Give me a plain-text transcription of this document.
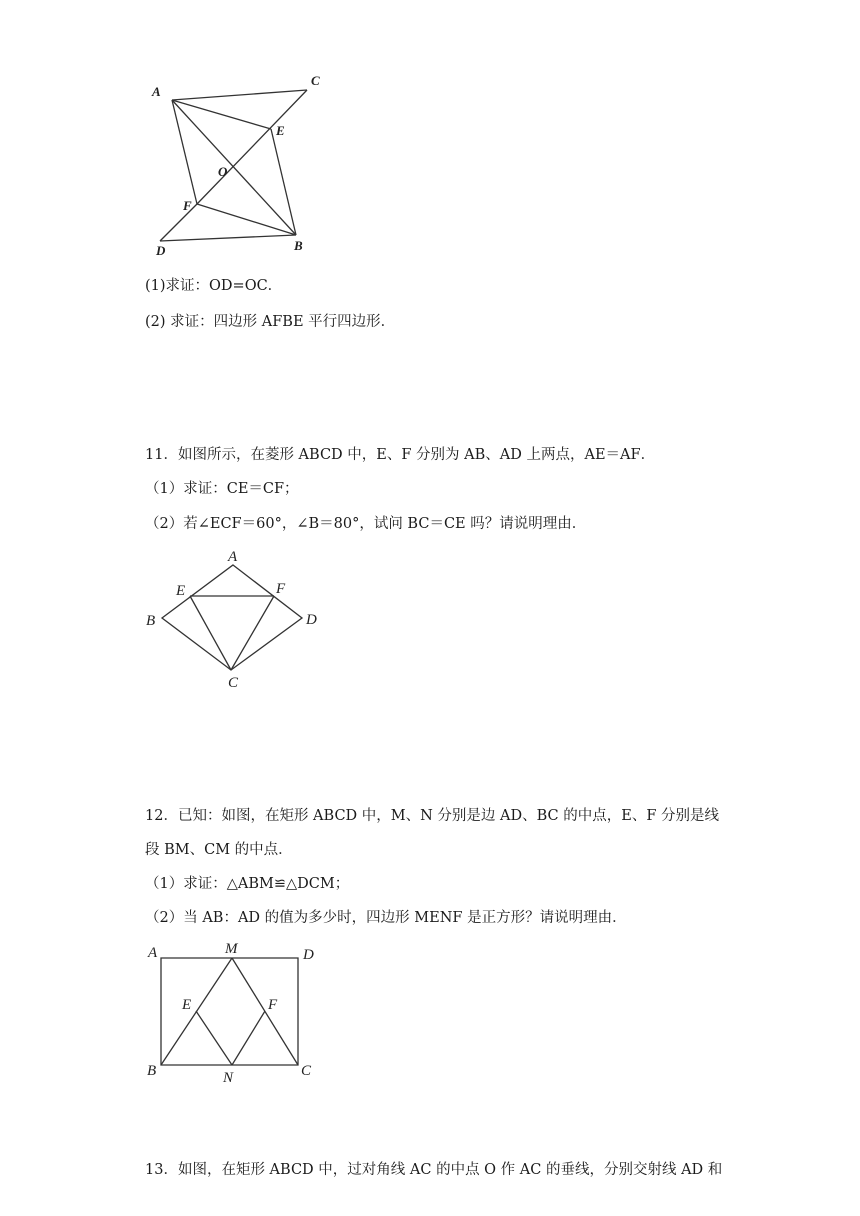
A
C
E
O
F
D	B
(1)求证：OD=OC．
(2) 求证：四边形 AFBE 平行四边形．
11．如图所示，在菱形 ABCD 中，E、F 分别为 AB、AD 上两点，AE＝AF．
（1）求证：CE＝CF；
（2）若∠ECF＝60°，∠B＝80°，试问 BC＝CE 吗？请说明理由．
A
E	F
B	D
C
12．已知：如图，在矩形 ABCD 中，M、N 分别是边 AD、BC 的中点，E、F 分别是线
段 BM、CM 的中点．
（1）求证：△ABM≌△DCM；
（2）当 AB：AD 的值为多少时，四边形 MENF 是正方形？请说明理由．
A	M	D
E	F
B	N	C
13．如图，在矩形 ABCD 中，过对角线 AC 的中点 O 作 AC 的垂线，分别交射线 AD 和
